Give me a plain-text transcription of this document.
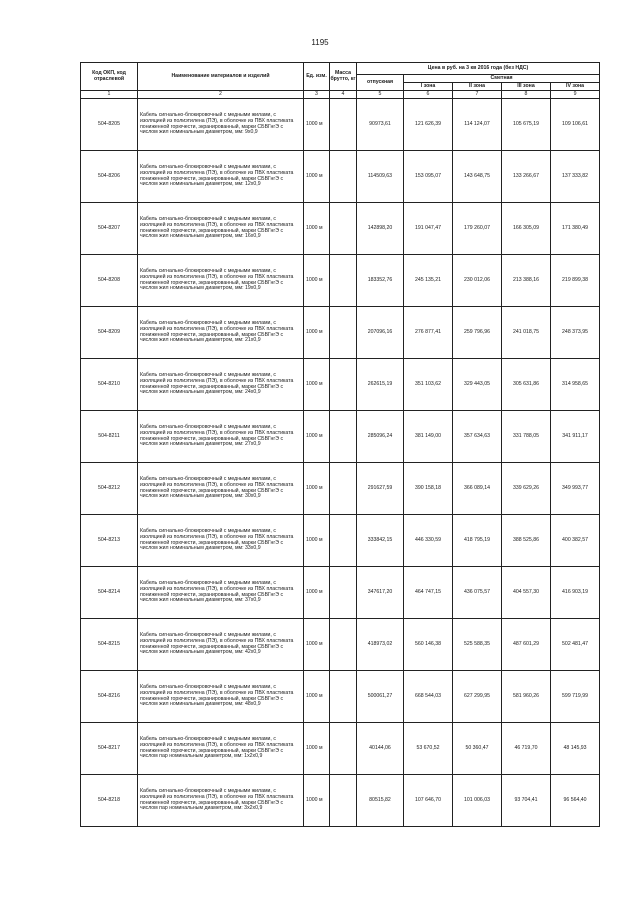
1195
Код ОКП, код отраслевой	Наименование материалов и изделий	Ед. изм.	Масса брутто, кг	Цена в руб. на 3 кв 2016 года (без НДС)				
				отпускная	Сметная			
					I зона	II зона	III зона	IV зона
1	2	3	4	5	6	7	8	9
504-8205	Кабель сигнально-блокировочный с медными жилами, с изоляцией из полиэтилена (ПЭ), в оболочке из ПВХ пластиката пониженной горючести, экранированный, марки СБВГнгЭ с числом жил номинальным диаметром, мм: 9х0,9	1000 м		90973,61	121 626,39	114 124,07	105 675,19	109 106,61
504-8206	Кабель сигнально-блокировочный с медными жилами, с изоляцией из полиэтилена (ПЭ), в оболочке из ПВХ пластиката пониженной горючести, экранированный, марки СБВГнгЭ с числом жил номинальным диаметром, мм: 12х0,9	1000 м		114509,63	153 095,07	143 648,75	133 266,67	137 333,82
504-8207	Кабель сигнально-блокировочный с медными жилами, с изоляцией из полиэтилена (ПЭ), в оболочке из ПВХ пластиката пониженной горючести, экранированный, марки СБВГнгЭ с числом жил номинальным диаметром, мм: 16х0,9	1000 м		142898,20	191 047,47	179 260,07	166 305,09	171 380,49
504-8208	Кабель сигнально-блокировочный с медными жилами, с изоляцией из полиэтилена (ПЭ), в оболочке из ПВХ пластиката пониженной горючести, экранированный, марки СБВГнгЭ с числом жил номинальным диаметром, мм: 19х0,9	1000 м		183352,76	245 135,21	230 012,06	213 388,16	219 899,38
504-8209	Кабель сигнально-блокировочный с медными жилами, с изоляцией из полиэтилена (ПЭ), в оболочке из ПВХ пластиката пониженной горючести, экранированный, марки СБВГнгЭ с числом жил номинальным диаметром, мм: 21х0,9	1000 м		207096,16	276 877,41	259 796,96	241 018,75	248 373,95
504-8210	Кабель сигнально-блокировочный с медными жилами, с изоляцией из полиэтилена (ПЭ), в оболочке из ПВХ пластиката пониженной горючести, экранированный, марки СБВГнгЭ с числом жил номинальным диаметром, мм: 24х0,9	1000 м		262615,19	351 103,62	329 443,05	305 631,86	314 958,65
504-8211	Кабель сигнально-блокировочный с медными жилами, с изоляцией из полиэтилена (ПЭ), в оболочке из ПВХ пластиката пониженной горючести, экранированный, марки СБВГнгЭ с числом жил номинальным диаметром, мм: 27х0,9	1000 м		285096,24	381 149,00	357 634,63	331 788,05	341 911,17
504-8212	Кабель сигнально-блокировочный с медными жилами, с изоляцией из полиэтилена (ПЭ), в оболочке из ПВХ пластиката пониженной горючести, экранированный, марки СБВГнгЭ с числом жил номинальным диаметром, мм: 30х0,9	1000 м		291627,59	390 158,18	366 089,14	339 629,26	349 993,77
504-8213	Кабель сигнально-блокировочный с медными жилами, с изоляцией из полиэтилена (ПЭ), в оболочке из ПВХ пластиката пониженной горючести, экранированный, марки СБВГнгЭ с числом жил номинальным диаметром, мм: 33х0,9	1000 м		333842,15	446 330,59	418 795,19	388 525,86	400 382,57
504-8214	Кабель сигнально-блокировочный с медными жилами, с изоляцией из полиэтилена (ПЭ), в оболочке из ПВХ пластиката пониженной горючести, экранированный, марки СБВГнгЭ с числом жил номинальным диаметром, мм: 37х0,9	1000 м		347617,20	464 747,15	436 075,57	404 557,30	416 903,19
504-8215	Кабель сигнально-блокировочный с медными жилами, с изоляцией из полиэтилена (ПЭ), в оболочке из ПВХ пластиката пониженной горючести, экранированный, марки СБВГнгЭ с числом жил номинальным диаметром, мм: 42х0,9	1000 м		418973,02	560 146,38	525 588,35	487 601,29	502 481,47
504-8216	Кабель сигнально-блокировочный с медными жилами, с изоляцией из полиэтилена (ПЭ), в оболочке из ПВХ пластиката пониженной горючести, экранированный, марки СБВГнгЭ с числом жил номинальным диаметром, мм: 48х0,9	1000 м		500061,27	668 544,03	627 299,95	581 960,26	599 719,99
504-8217	Кабель сигнально-блокировочный с медными жилами, с изоляцией из полиэтилена (ПЭ), в оболочке из ПВХ пластиката пониженной горючести, экранированный, марки СБВГнгЭ с числом пар номинальным диаметром, мм: 1х2х0,9	1000 м		40144,06	53 670,52	50 360,47	46 719,70	48 145,93
504-8218	Кабель сигнально-блокировочный с медными жилами, с изоляцией из полиэтилена (ПЭ), в оболочке из ПВХ пластиката пониженной горючести, экранированный, марки СБВГнгЭ с числом пар номинальным диаметром, мм: 3х2х0,9	1000 м		80515,82	107 646,70	101 006,03	93 704,41	96 564,40
